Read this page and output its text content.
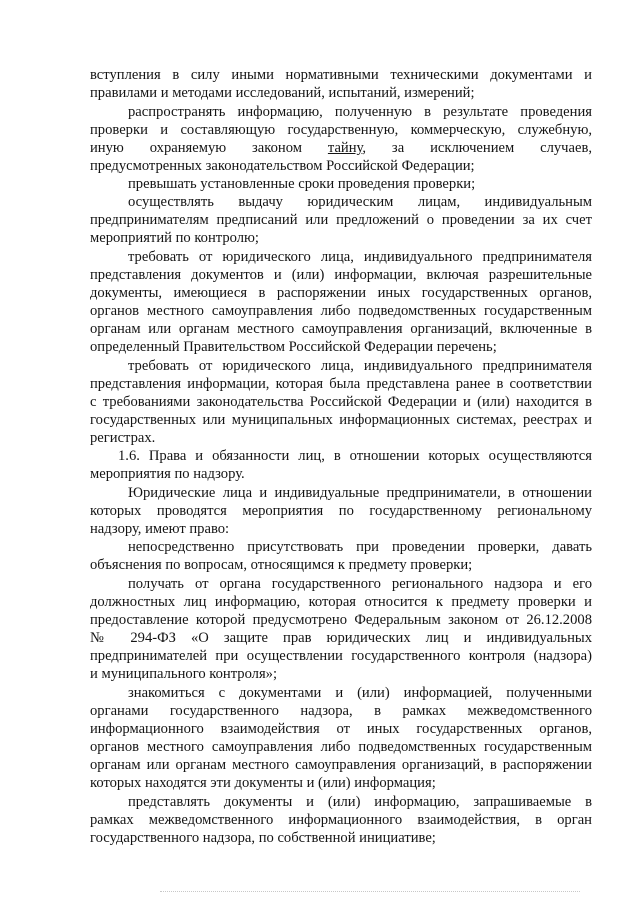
вступления в силу иными нормативными техническими документами и
правилами и методами исследований, испытаний, измерений;
распространять информацию, полученную в результате проведения
проверки и составляющую государственную, коммерческую, служебную,
иную охраняемую законом тайну, за исключением случаев,
предусмотренных законодательством Российской Федерации;
превышать установленные сроки проведения проверки;
осуществлять выдачу юридическим лицам, индивидуальным
предпринимателям предписаний или предложений о проведении за их счет
мероприятий по контролю;
требовать от юридического лица, индивидуального предпринимателя
представления документов и (или) информации, включая разрешительные
документы, имеющиеся в распоряжении иных государственных органов,
органов местного самоуправления либо подведомственных государственным
органам или органам местного самоуправления организаций, включенные в
определенный Правительством Российской Федерации перечень;
требовать от юридического лица, индивидуального предпринимателя
представления информации, которая была представлена ранее в соответствии
с требованиями законодательства Российской Федерации и (или) находится в
государственных или муниципальных информационных системах, реестрах и
регистрах.
1.6. Права и обязанности лиц, в отношении которых осуществляются
мероприятия по надзору.
Юридические лица и индивидуальные предприниматели, в отношении
которых проводятся мероприятия по государственному региональному
надзору, имеют право:
непосредственно присутствовать при проведении проверки, давать
объяснения по вопросам, относящимся к предмету проверки;
получать от органа государственного регионального надзора и его
должностных лиц информацию, которая относится к предмету проверки и
предоставление которой предусмотрено Федеральным законом от 26.12.2008
№ 294-ФЗ «О защите прав юридических лиц и индивидуальных
предпринимателей при осуществлении государственного контроля (надзора)
и муниципального контроля»;
знакомиться с документами и (или) информацией, полученными
органами государственного надзора, в рамках межведомственного
информационного взаимодействия от иных государственных органов,
органов местного самоуправления либо подведомственных государственным
органам или органам местного самоуправления организаций, в распоряжении
которых находятся эти документы и (или) информация;
представлять документы и (или) информацию, запрашиваемые в
рамках межведомственного информационного взаимодействия, в орган
государственного надзора, по собственной инициативе;
